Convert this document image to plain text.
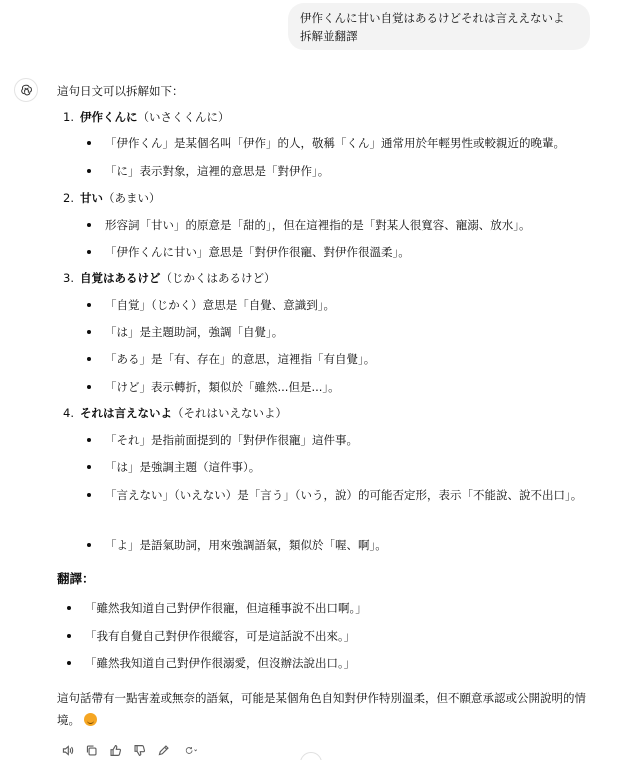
伊作くんに甘い自覚はあるけどそれは言ええないよ
拆解並翻譯
這句日文可以拆解如下：
1. 伊作くんに（いさくくんに）
「伊作くん」是某個名叫「伊作」的人，敬稱「くん」通常用於年輕男性或較親近的晚輩。
「に」表示對象，這裡的意思是「對伊作」。
2. 甘い（あまい）
形容詞「甘い」的原意是「甜的」，但在這裡指的是「對某人很寬容、寵溺、放水」。
「伊作くんに甘い」意思是「對伊作很寵、對伊作很溫柔」。
3. 自覚はあるけど（じかくはあるけど）
「自覚」（じかく）意思是「自覺、意識到」。
「は」是主題助詞，強調「自覺」。
「ある」是「有、存在」的意思，這裡指「有自覺」。
「けど」表示轉折，類似於「雖然...但是...」。
4. それは言えないよ（それはいえないよ）
「それ」是指前面提到的「對伊作很寵」這件事。
「は」是強調主題（這件事）。
「言えない」（いえない）是「言う」（いう，說）的可能否定形，表示「不能說、說不出口」。
「よ」是語氣助詞，用來強調語氣，類似於「喔、啊」。
翻譯：
「雖然我知道自己對伊作很寵，但這種事說不出口啊。」
「我有自覺自己對伊作很縱容，可是這話說不出來。」
「雖然我知道自己對伊作很溺愛，但沒辦法說出口。」
這句話帶有一點害羞或無奈的語氣，可能是某個角色自知對伊作特別溫柔，但不願意承認或公開說明的情境。
